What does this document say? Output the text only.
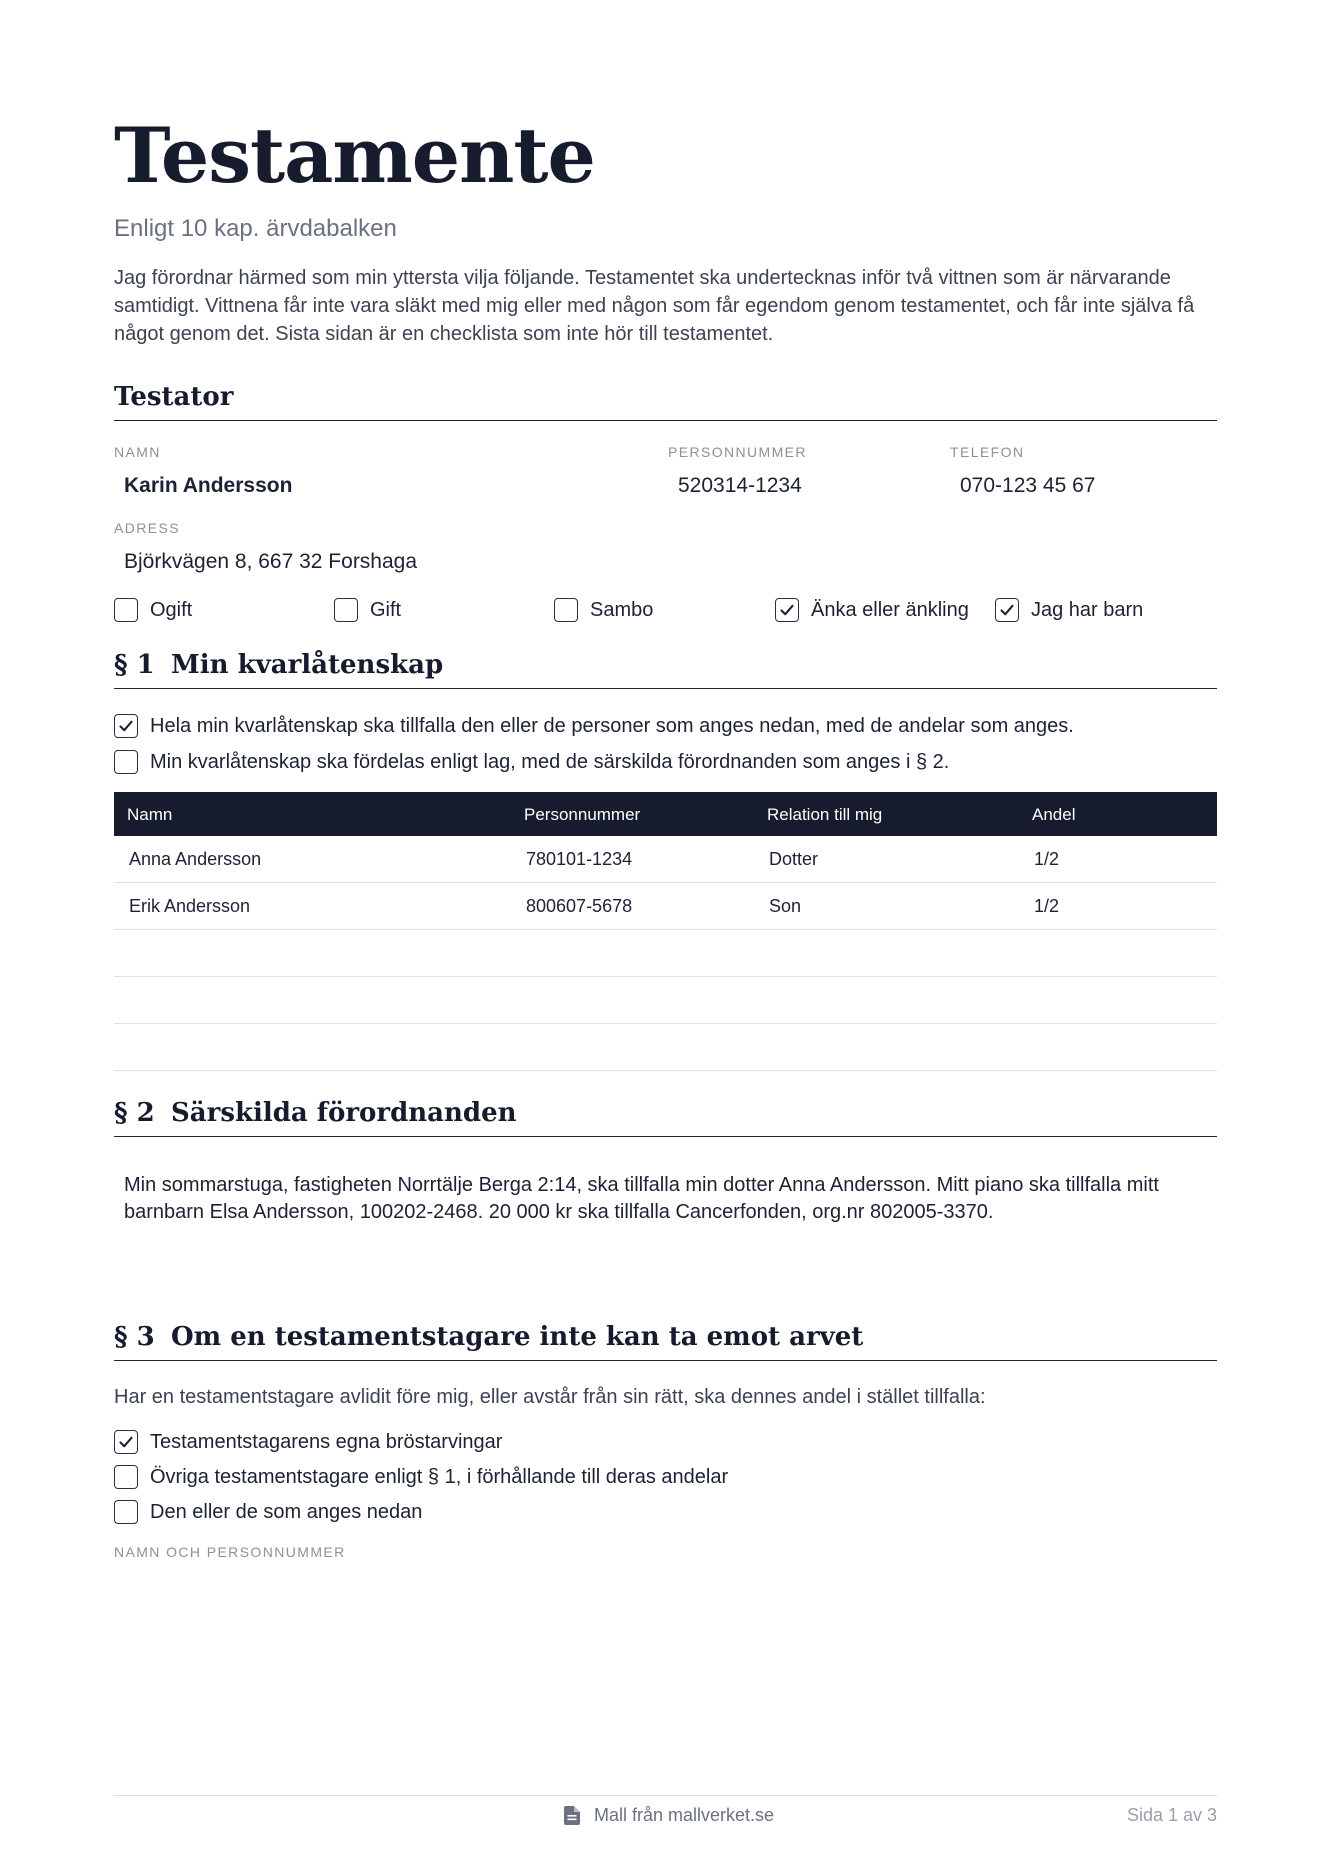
Testamente
Enligt 10 kap. ärvdabalken

Jag förordnar härmed som min yttersta vilja följande. Testamentet ska undertecknas inför två vittnen som är närvarande samtidigt. Vittnena får inte vara släkt med mig eller med någon som får egendom genom testamentet, och får inte själva få något genom det. Sista sidan är en checklista som inte hör till testamentet.

Testator
NAMN
Karin Andersson
PERSONNUMMER
520314-1234
TELEFON
070-123 45 67
ADRESS
Björkvägen 8, 667 32 Forshaga
Ogift	Gift	Sambo	Änka eller änkling	Jag har barn
§ 1 Min kvarlåtenskap
Hela min kvarlåtenskap ska tillfalla den eller de personer som anges nedan, med de andelar som anges.
Min kvarlåtenskap ska fördelas enligt lag, med de särskilda förordnanden som anges i § 2.
Namn	Personnummer	Relation till mig	Andel
Anna Andersson	780101-1234	Dotter	1/2
Erik Andersson	800607-5678	Son	1/2
§ 2 Särskilda förordnanden

Min sommarstuga, fastigheten Norrtälje Berga 2:14, ska tillfalla min dotter Anna Andersson. Mitt piano ska tillfalla mitt barnbarn Elsa Andersson, 100202-2468. 20 000 kr ska tillfalla Cancerfonden, org.nr 802005-3370.

§ 3 Om en testamentstagare inte kan ta emot arvet

Har en testamentstagare avlidit före mig, eller avstår från sin rätt, ska dennes andel i stället tillfalla:

Testamentstagarens egna bröstarvingar
Övriga testamentstagare enligt § 1, i förhållande till deras andelar
Den eller de som anges nedan
NAMN OCH PERSONNUMMER
Mall från mallverket.se	Sida 1 av 3
